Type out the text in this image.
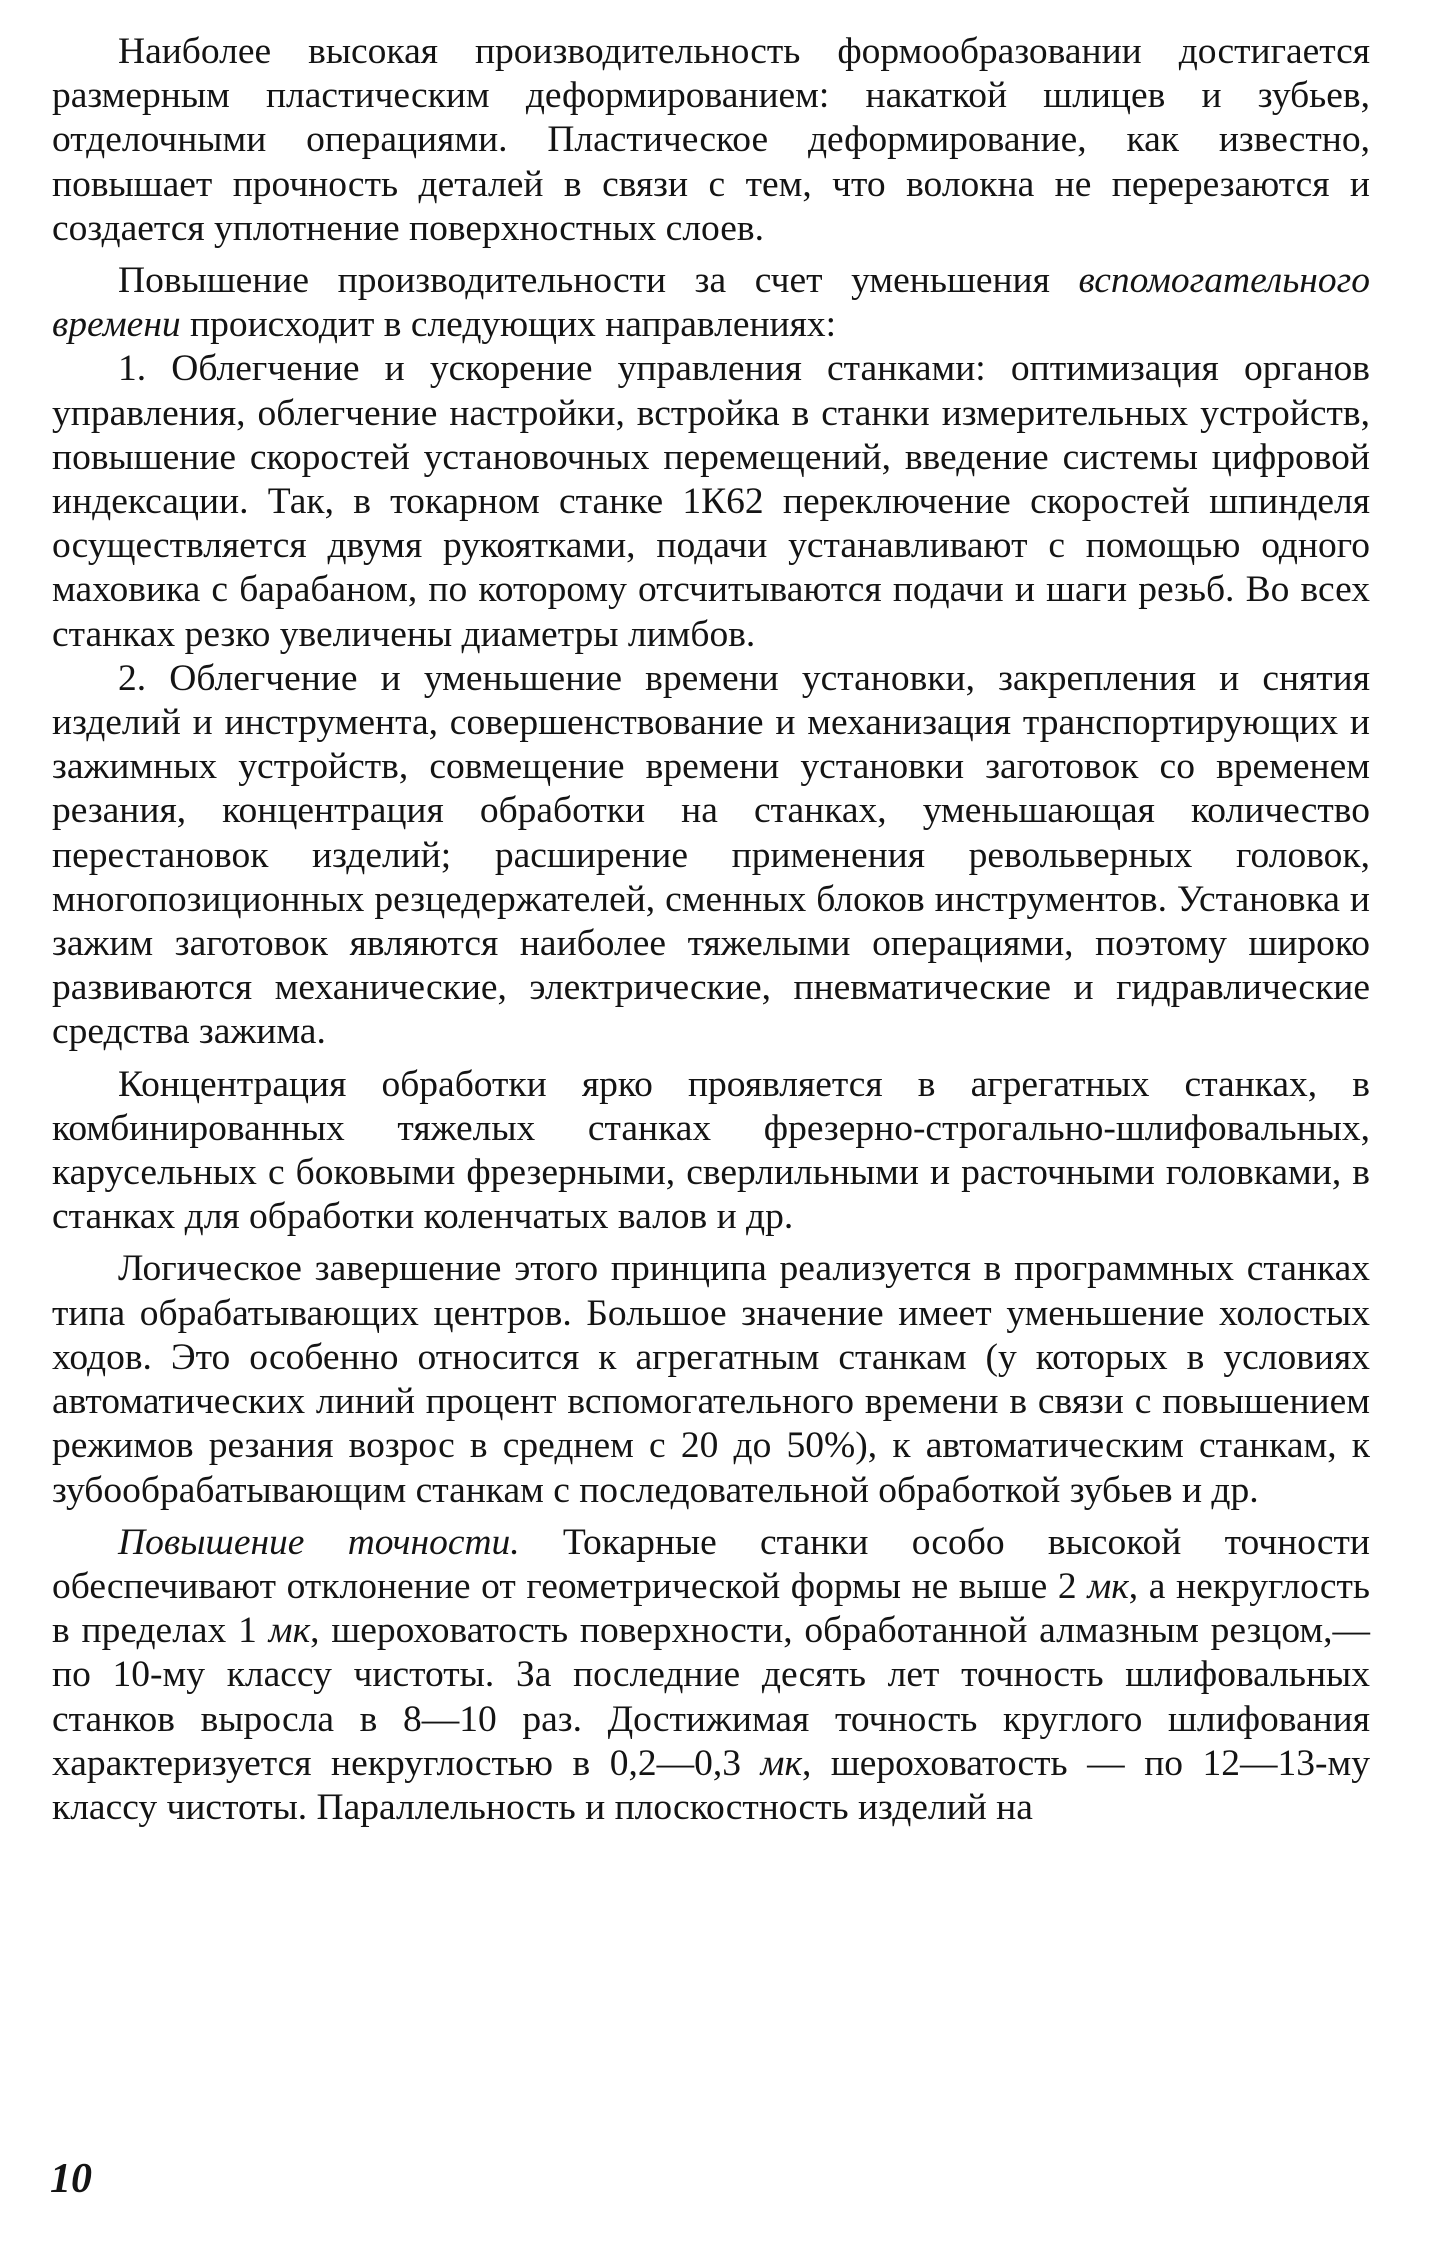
Наиболее высокая производительность формообразовании достигается размерным пластическим деформированием: накаткой шлицев и зубьев, отделочными операциями. Пластическое деформирование, как известно, повышает прочность деталей в связи с тем, что волокна не перерезаются и создается уплотнение поверхностных слоев.

Повышение производительности за счет уменьшения вспомогательного времени происходит в следующих направлениях:

1. Облегчение и ускорение управления станками: оптимизация органов управления, облегчение настройки, встройка в станки измерительных устройств, повышение скоростей установочных перемещений, введение системы цифровой индексации. Так, в токарном станке 1К62 переключение скоростей шпинделя осуществляется двумя рукоятками, подачи устанавливают с помощью одного маховика с барабаном, по которому отсчитываются подачи и шаги резьб. Во всех станках резко увеличены диаметры лимбов.

2. Облегчение и уменьшение времени установки, закрепления и снятия изделий и инструмента, совершенствование и механизация транспортирующих и зажимных устройств, совмещение времени установки заготовок со временем резания, концентрация обработки на станках, уменьшающая количество перестановок изделий; расширение применения револьверных головок, многопозиционных резцедержателей, сменных блоков инструментов. Установка и зажим заготовок являются наиболее тяжелыми операциями, поэтому широко развиваются механические, электрические, пневматические и гидравлические средства зажима.

Концентрация обработки ярко проявляется в агрегатных станках, в комбинированных тяжелых станках фрезерно-строгально-шлифовальных, карусельных с боковыми фрезерными, сверлильными и расточными головками, в станках для обработки коленчатых валов и др.

Логическое завершение этого принципа реализуется в программных станках типа обрабатывающих центров. Большое значение имеет уменьшение холостых ходов. Это особенно относится к агрегатным станкам (у которых в условиях автоматических линий процент вспомогательного времени в связи с повышением режимов резания возрос в среднем с 20 до 50%), к автоматическим станкам, к зубообрабатывающим станкам с последовательной обработкой зубьев и др.

Повышение точности. Токарные станки особо высокой точности обеспечивают отклонение от геометрической формы не выше 2 мк, а некруглость в пределах 1 мк, шероховатость поверхности, обработанной алмазным резцом,— по 10-му классу чистоты. За последние десять лет точность шлифовальных станков выросла в 8—10 раз. Достижимая точность круглого шлифования характеризуется некруглостью в 0,2—0,3 мк, шероховатость — по 12—13-му классу чистоты. Параллельность и плоскостность изделий на

10
